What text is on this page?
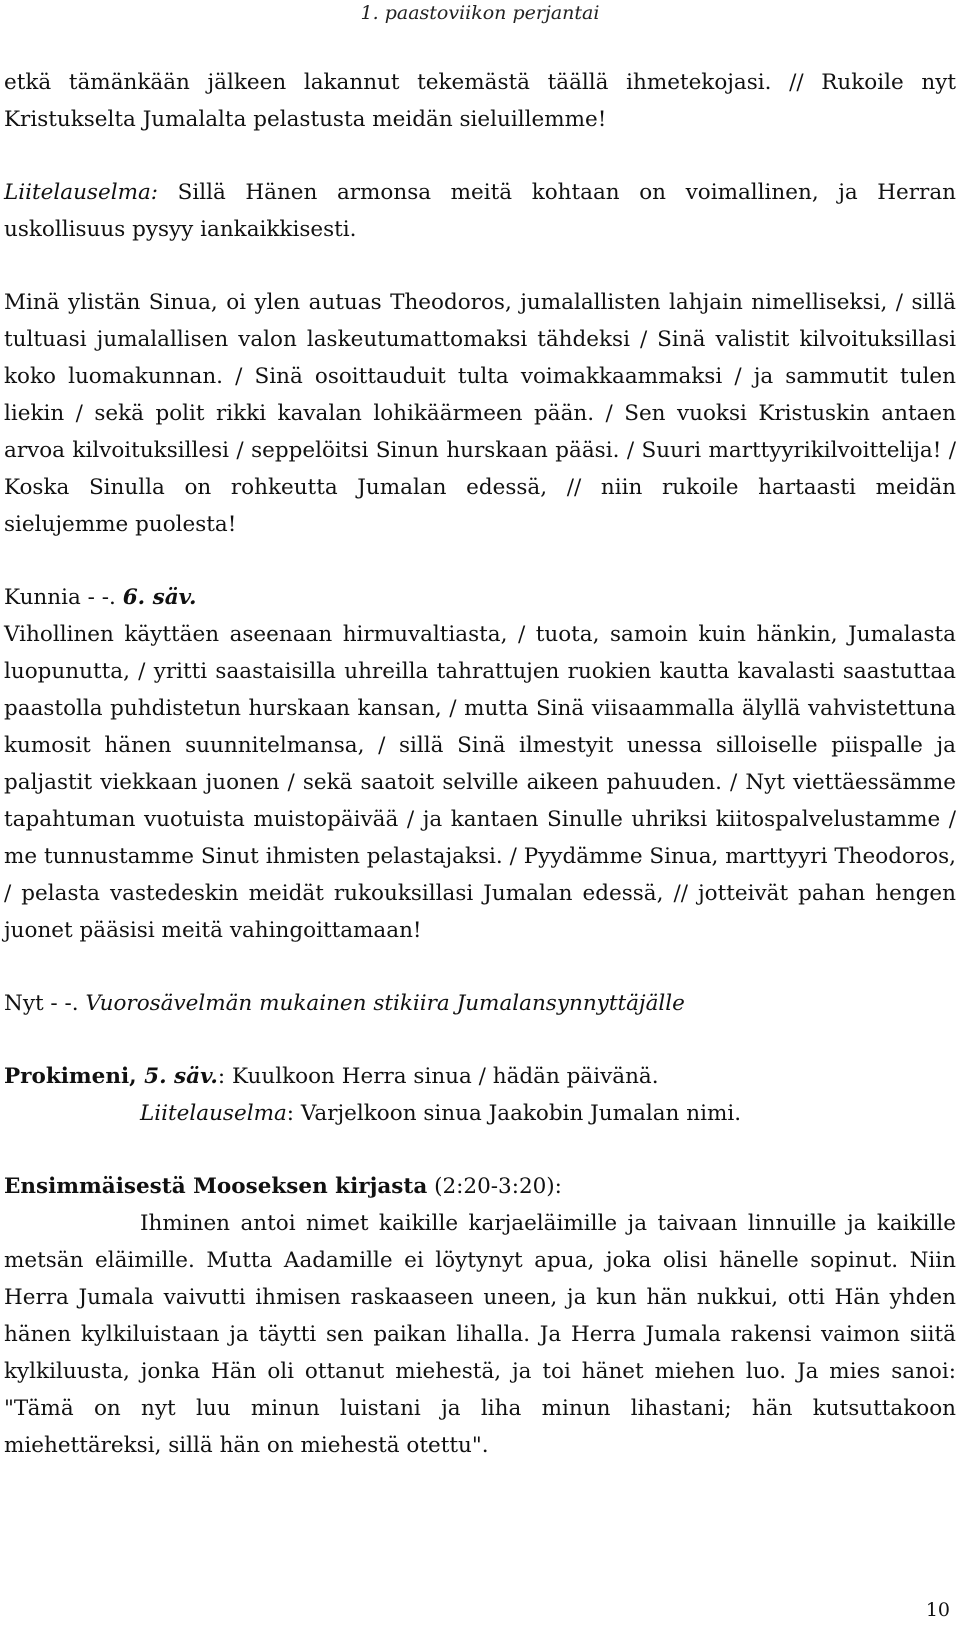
1. paastoviikon perjantai

etkä tämänkään jälkeen lakannut tekemästä täällä ihmetekojasi. // Rukoile nyt Kristukselta Jumalalta pelastusta meidän sieluillemme!

Liitelauselma: Sillä Hänen armonsa meitä kohtaan on voimallinen, ja Herran uskollisuus pysyy iankaikkisesti.

Minä ylistän Sinua, oi ylen autuas Theodoros, jumalallisten lahjain nimelliseksi, / sillä tultuasi jumalallisen valon laskeutumattomaksi tähdeksi / Sinä valistit kilvoituksillasi koko luomakunnan. / Sinä osoittauduit tulta voimakkaammaksi / ja sammutit tulen liekin / sekä polit rikki kavalan lohikäärmeen pään. / Sen vuoksi Kristuskin antaen arvoa kilvoituksillesi / seppelöitsi Sinun hurskaan pääsi. / Suuri marttyyrikilvoittelija! / Koska Sinulla on rohkeutta Jumalan edessä, // niin rukoile hartaasti meidän sielujemme puolesta!

Kunnia - -. 6. säv.

Vihollinen käyttäen aseenaan hirmuvaltiasta, / tuota, samoin kuin hänkin, Jumalasta luopunutta, / yritti saastaisilla uhreilla tahrattujen ruokien kautta kavalasti saastuttaa paastolla puhdistetun hurskaan kansan, / mutta Sinä viisaammalla älyllä vahvistettuna kumosit hänen suunnitelmansa, / sillä Sinä ilmestyit unessa silloiselle piispalle ja paljastit viekkaan juonen / sekä saatoit selville aikeen pahuuden. / Nyt viettäessämme tapahtuman vuotuista muistopäivää / ja kantaen Sinulle uhriksi kiitospalvelustamme / me tunnustamme Sinut ihmisten pelastajaksi. / Pyydämme Sinua, marttyyri Theodoros, / pelasta vastedeskin meidät rukouksillasi Jumalan edessä, // jotteivät pahan hengen juonet pääsisi meitä vahingoittamaan!

Nyt - -. Vuorosävelmän mukainen stikiira Jumalansynnyttäjälle

Prokimeni, 5. säv.: Kuulkoon Herra sinua / hädän päivänä.

Liitelauselma: Varjelkoon sinua Jaakobin Jumalan nimi.

Ensimmäisestä Mooseksen kirjasta (2:20-3:20):

Ihminen antoi nimet kaikille karjaeläimille ja taivaan linnuille ja kaikille metsän eläimille. Mutta Aadamille ei löytynyt apua, joka olisi hänelle sopinut. Niin Herra Jumala vaivutti ihmisen raskaaseen uneen, ja kun hän nukkui, otti Hän yhden hänen kylkiluistaan ja täytti sen paikan lihalla. Ja Herra Jumala rakensi vaimon siitä kylkiluusta, jonka Hän oli ottanut miehestä, ja toi hänet miehen luo. Ja mies sanoi: "Tämä on nyt luu minun luistani ja liha minun lihastani; hän kutsuttakoon miehettäreksi, sillä hän on miehestä otettu".

10
